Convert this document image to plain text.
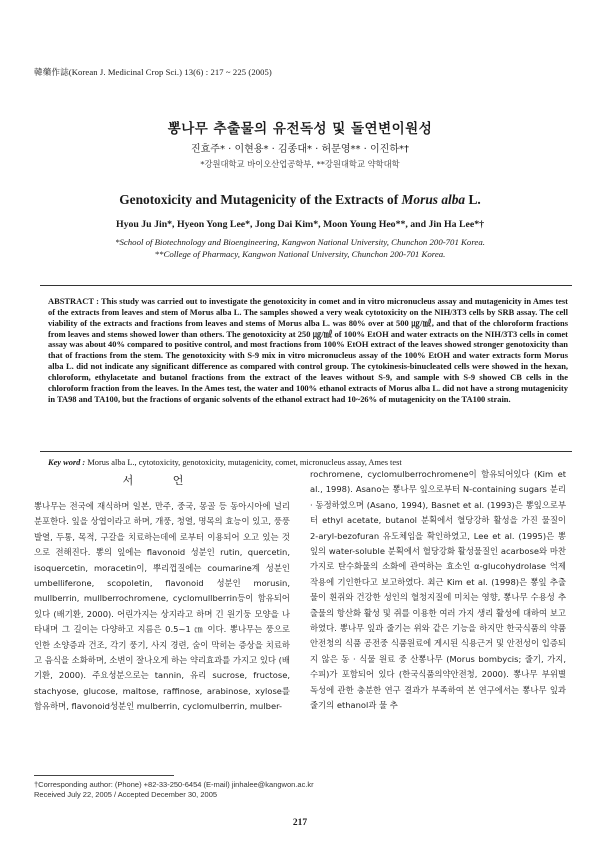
韓藥作誌(Korean J. Medicinal Crop Sci.) 13(6) : 217 ~ 225 (2005)
뽕나무 추출물의 유전독성 및 돌연변이원성
진효주* · 이현용* · 김종대* · 허문영** · 이진하*†
*강원대학교 바이오산업공학부, **강원대학교 약학대학
Genotoxicity and Mutagenicity of the Extracts of Morus alba L.
Hyou Ju Jin*, Hyeon Yong Lee*, Jong Dai Kim*, Moon Young Heo**, and Jin Ha Lee*†
*School of Biotechnology and Bioengineering, Kangwon National University, Chunchon 200-701 Korea.
**College of Pharmacy, Kangwon National University, Chunchon 200-701 Korea.
ABSTRACT : This study was carried out to investigate the genotoxicity in comet and in vitro micronucleus assay and mutagenicity in Ames test of the extracts from leaves and stem of Morus alba L. The samples showed a very weak cytotoxicity on the NIH/3T3 cells by SRB assay. The cell viability of the extracts and fractions from leaves and stems of Morus alba L. was 80% over at 500 ㎍/㎖, and that of the chloroform fractions from leaves and stems showed lower than others. The genotoxicity at 250 ㎍/㎖ of 100% EtOH and water extracts on the NIH/3T3 cells in comet assay was about 40% compared to positive control, and most fractions from 100% EtOH extract of the leaves showed stronger genotoxicity than that of fractions from the stem. The genotoxicity with S-9 mix in vitro micronucleus assay of the 100% EtOH and water extracts form Morus alba L. did not indicate any significant difference as compared with control group. The cytokinesis-binucleated cells were showed in the hexan, chloroform, ethylacetate and butanol fractions from the extract of the leaves without S-9, and sample with S-9 showed CB cells in the chloroform fraction from the leaves. In the Ames test, the water and 100% ethanol extracts of Morus alba L. did not have a strong mutagenicity in TA98 and TA100, but the fractions of organic solvents of the ethanol extract had 10~26% of mutagenicity on the TA100 strain.
Key word : Morus alba L., cytotoxicity, genotoxicity, mutagenicity, comet, micronucleus assay, Ames test
서 언
뽕나무는 전국에 재식하며 일본, 만주, 중국, 몽골 등 동아시아에 널리 분포한다. 잎을 상엽이라고 하며, 개풍, 청열, 명목의 효능이 있고, 풍풍발열, 두통, 목적, 구갈을 치료하는데에 로부터 이용되어 오고 있는 것으로 전해진다. 뽕의 잎에는 flavonoid 성분인 rutin, quercetin, isoquercetin, moracetin이, 뿌리껍질에는 coumarine계 성분인 umbelliferone, scopoletin, flavonoid 성분인 morusin, mullberrin, mullberrochromene, cyclomullberrin등이 함유되어있다 (배기환, 2000). 어린가지는 상지라고 하며 긴 원기둥 모양을 나타내며 그 길이는 다양하고 지름은 0.5~1 ㎝ 이다. 뽕나무는 풍으로 인한 소양증과 건조, 각기 풍기, 사지 경련, 숨이 막히는 증상을 치료하고 음식을 소화하며, 소변이 잘나오게 하는 약리효과를 가지고 있다 (배기환, 2000). 주요성분으로는 tannin, 유리 sucrose, fructose, stachyose, glucose, maltose, raffinose, arabinose, xylose를 함유하며, flavonoid성분인 mulberrin, cyclomulberrin, mulber-
rochromene, cyclomulberrochromene이 함유되어있다 (Kim et al., 1998). Asano는 뽕나무 잎으로부터 N-containing sugars 분리 · 동정하였으며 (Asano, 1994), Basnet et al. (1993)은 뽕잎으로부터 ethyl acetate, butanol 분획에서 혈당강하 활성을 가진 물질이 2-aryl-bezofuran 유도체임을 확인하였고, Lee et al. (1995)은 뽕잎의 water-soluble 분획에서 혈당강화 활성물질인 acarbose와 마찬가지로 탄수화물의 소화에 관여하는 효소인 α-glucohydrolase 억제작용에 기인한다고 보고하였다. 최근 Kim et al. (1998)은 뽕잎 추출물이 흰쥐와 건강한 성인의 혈청지질에 미치는 영향, 뽕나무 수용성 추출물의 항산화 활성 및 쥐를 이용한 여러 가지 생리 활성에 대하여 보고하였다. 뽕나무 잎과 줄기는 위와 같은 기능을 하지만 한국식품의 약품안전청의 식품 공전중 식품원료에 게시된 식용근거 및 안전성이 입증되지 않은 동 · 식물 원료 중 산뽕나무 (Morus bombycis; 줄기, 가지, 수피)가 포함되어 있다 (한국식품의약안전청, 2000). 뽕나무 부위별 독성에 관한 충분한 연구 결과가 부족하여 본 연구에서는 뽕나무 잎과 줄기의 ethanol과 물 추
†Corresponding author: (Phone) +82-33-250-6454 (E-mail) jinhalee@kangwon.ac.kr
Received July 22, 2005 / Accepted December 30, 2005
217
